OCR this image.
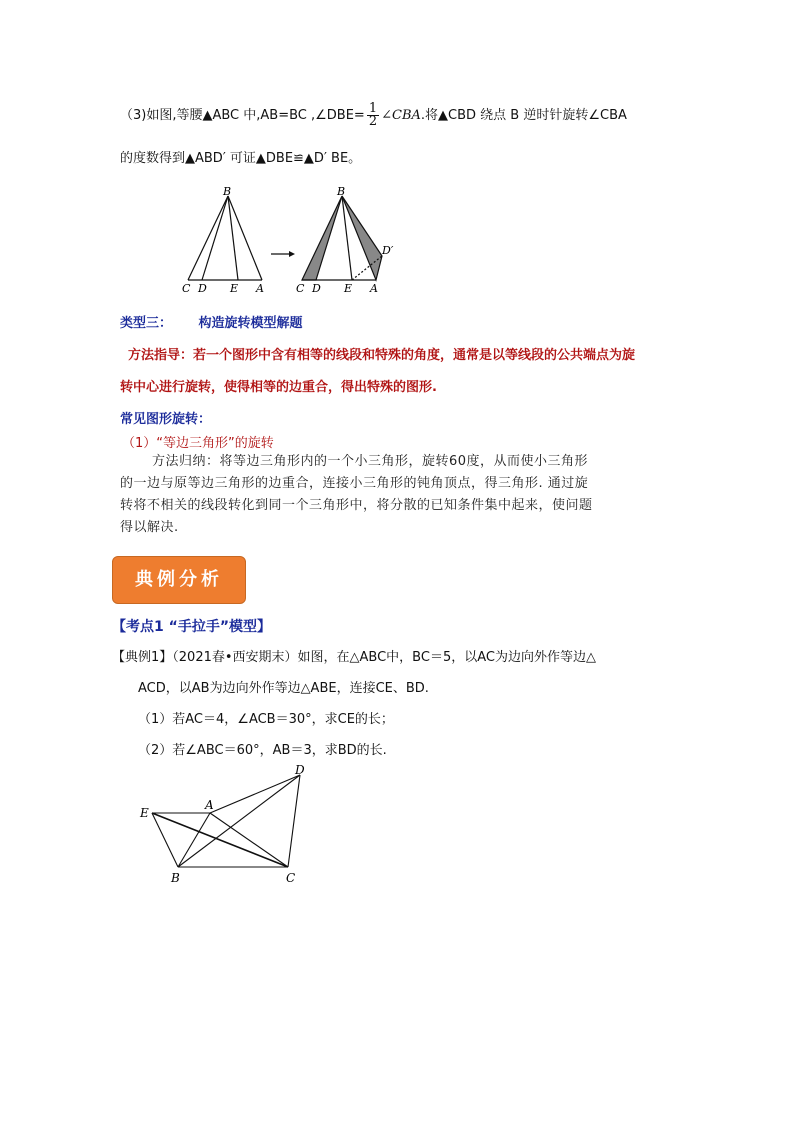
（3)如图,等腰▲ABC 中,AB=BC ,∠DBE= $\frac{1}{2}$ ∠CBA.将▲CBD 绕点 B 逆时针旋转∠CBA
的度数得到▲ABD′ 可证▲DBE≌▲D′ BE。
B
C D E A
B
C D E A
D′
类型三： 构造旋转模型解题
方法指导：若一个图形中含有相等的线段和特殊的角度，通常是以等线段的公共端点为旋
转中心进行旋转，使得相等的边重合，得出特殊的图形.
常见图形旋转：
（1）“等边三角形”的旋转
方法归纳：将等边三角形内的一个小三角形，旋转60度，从而使小三角形
的一边与原等边三角形的边重合，连接小三角形的钝角顶点，得三角形. 通过旋
转将不相关的线段转化到同一个三角形中，将分散的已知条件集中起来，使问题
得以解决.
典例分析
【考点1 “手拉手”模型】
【典例1】（2021春•西安期末）如图，在△ABC中，BC＝5，以AC为边向外作等边△
ACD，以AB为边向外作等边△ABE，连接CE、BD.
（1）若AC＝4，∠ACB＝30°，求CE的长；
（2）若∠ABC＝60°，AB＝3，求BD的长.
A
B	C
D
E
